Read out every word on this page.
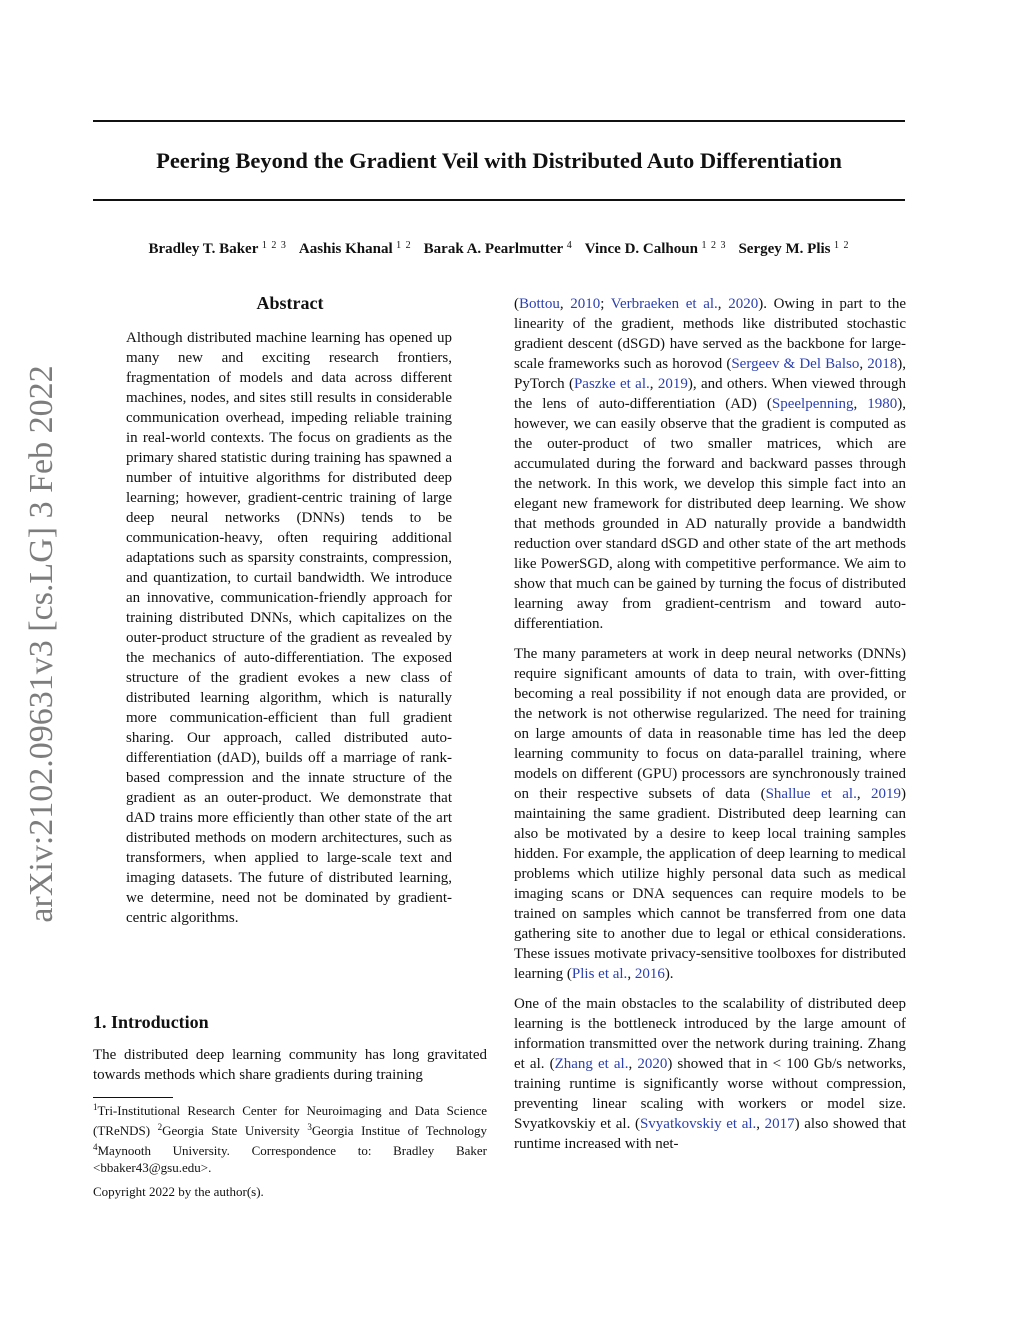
Peering Beyond the Gradient Veil with Distributed Auto Differentiation
Bradley T. Baker $^{1 2 3}$ Aashis Khanal $^{1 2}$ Barak A. Pearlmutter $^4$ Vince D. Calhoun $^{1 2 3}$ Sergey M. Plis $^{1 2}$
arXiv:2102.09631v3 [cs.LG] 3 Feb 2022
Abstract
Although distributed machine learning has opened up many new and exciting research frontiers, fragmentation of models and data across different machines, nodes, and sites still results in considerable communication overhead, impeding reliable training in real-world contexts. The focus on gradients as the primary shared statistic during training has spawned a number of intuitive algorithms for distributed deep learning; however, gradient-centric training of large deep neural networks (DNNs) tends to be communication-heavy, often requiring additional adaptations such as sparsity constraints, compression, and quantization, to curtail bandwidth. We introduce an innovative, communication-friendly approach for training distributed DNNs, which capitalizes on the outer-product structure of the gradient as revealed by the mechanics of auto-differentiation. The exposed structure of the gradient evokes a new class of distributed learning algorithm, which is naturally more communication-efficient than full gradient sharing. Our approach, called distributed auto-differentiation (dAD), builds off a marriage of rank-based compression and the innate structure of the gradient as an outer-product. We demonstrate that dAD trains more efficiently than other state of the art distributed methods on modern architectures, such as transformers, when applied to large-scale text and imaging datasets. The future of distributed learning, we determine, need not be dominated by gradient-centric algorithms.
1. Introduction

The distributed deep learning community has long gravitated towards methods which share gradients during training

$^1$Tri-Institutional Research Center for Neuroimaging and Data Science (TReNDS) $^2$Georgia State University $^3$Georgia Institue of Technology $^4$Maynooth University. Correspondence to: Bradley Baker <bbaker43@gsu.edu>.

Copyright 2022 by the author(s).

(Bottou, 2010; Verbraeken et al., 2020). Owing in part to the linearity of the gradient, methods like distributed stochastic gradient descent (dSGD) have served as the backbone for large-scale frameworks such as horovod (Sergeev & Del Balso, 2018), PyTorch (Paszke et al., 2019), and others. When viewed through the lens of auto-differentiation (AD) (Speelpenning, 1980), however, we can easily observe that the gradient is computed as the outer-product of two smaller matrices, which are accumulated during the forward and backward passes through the network. In this work, we develop this simple fact into an elegant new framework for distributed deep learning. We show that methods grounded in AD naturally provide a bandwidth reduction over standard dSGD and other state of the art methods like PowerSGD, along with competitive performance. We aim to show that much can be gained by turning the focus of distributed learning away from gradient-centrism and toward auto-differentiation.

The many parameters at work in deep neural networks (DNNs) require significant amounts of data to train, with over-fitting becoming a real possibility if not enough data are provided, or the network is not otherwise regularized. The need for training on large amounts of data in reasonable time has led the deep learning community to focus on data-parallel training, where models on different (GPU) processors are synchronously trained on their respective subsets of data (Shallue et al., 2019) maintaining the same gradient. Distributed deep learning can also be motivated by a desire to keep local training samples hidden. For example, the application of deep learning to medical problems which utilize highly personal data such as medical imaging scans or DNA sequences can require models to be trained on samples which cannot be transferred from one data gathering site to another due to legal or ethical considerations. These issues motivate privacy-sensitive toolboxes for distributed learning (Plis et al., 2016).

One of the main obstacles to the scalability of distributed deep learning is the bottleneck introduced by the large amount of information transmitted over the network during training. Zhang et al. (Zhang et al., 2020) showed that in < 100 Gb/s networks, training runtime is significantly worse without compression, preventing linear scaling with workers or model size. Svyatkovskiy et al. (Svyatkovskiy et al., 2017) also showed that runtime increased with net-
